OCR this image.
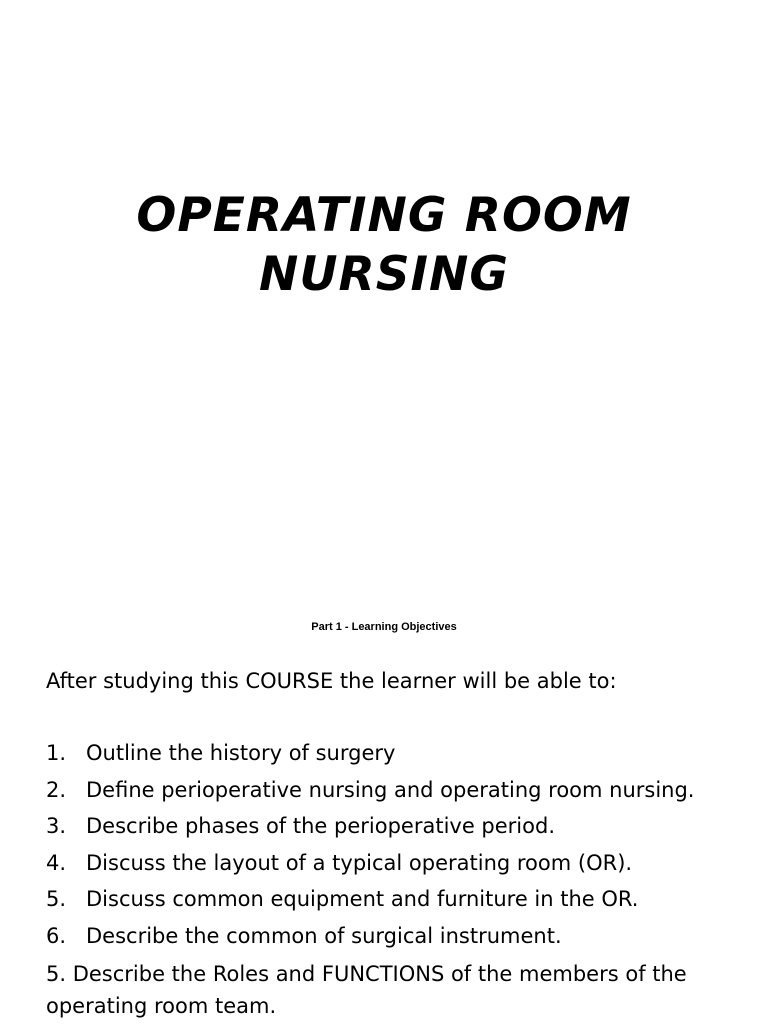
OPERATING ROOM
NURSING
Part 1 - Learning Objectives

After studying this COURSE the learner will be able to:

1. Outline the history of surgery
2. Define perioperative nursing and operating room nursing.
3. Describe phases of the perioperative period.
4. Discuss the layout of a typical operating room (OR).
5. Discuss common equipment and furniture in the OR.
6. Describe the common of surgical instrument.

5. Describe the Roles and FUNCTIONS of the members of the operating room team.
